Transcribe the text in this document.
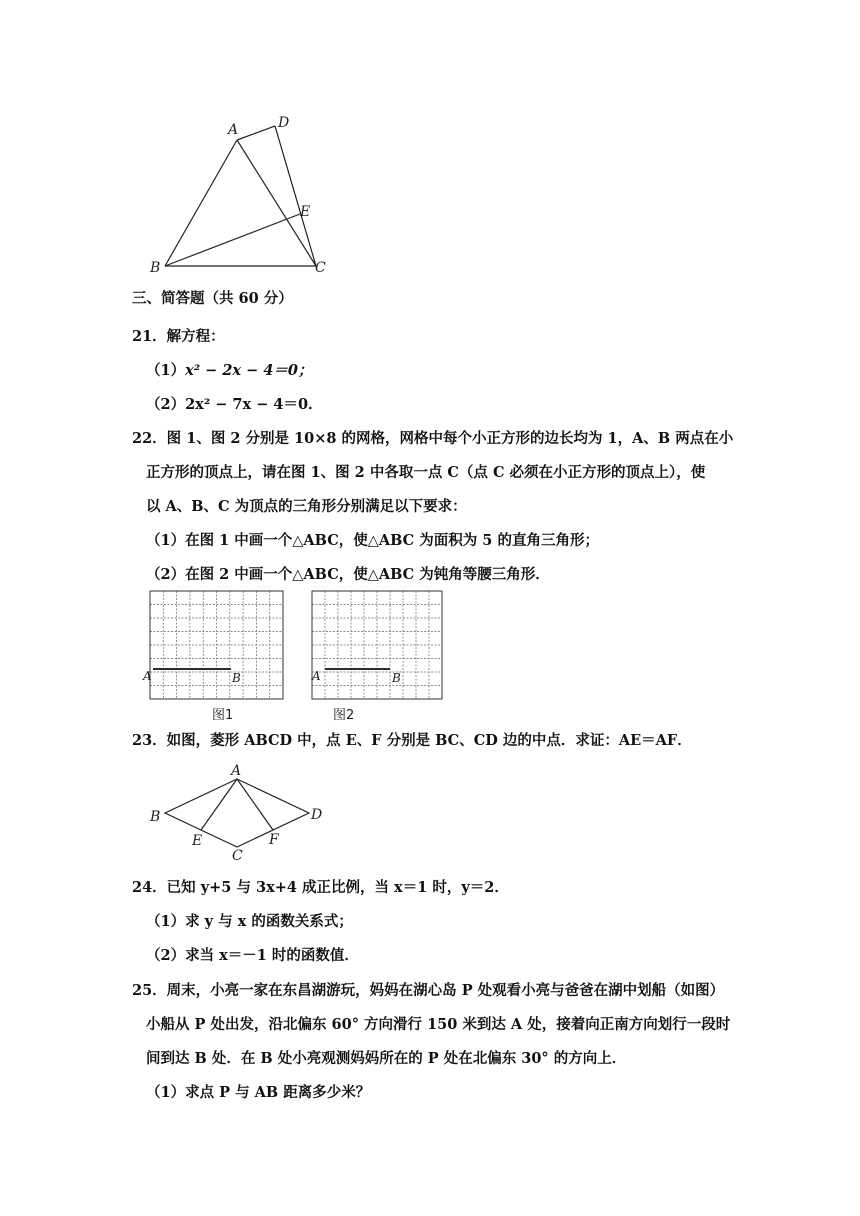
A	D
E
B	C
三、简答题（共 60 分）
21．解方程：
（1）x² − 2x − 4＝0；
（2）2x² − 7x − 4＝0．
22．图 1、图 2 分别是 10×8 的网格，网格中每个小正方形的边长均为 1，A、B 两点在小
正方形的顶点上，请在图 1、图 2 中各取一点 C（点 C 必须在小正方形的顶点上），使
以 A、B、C 为顶点的三角形分别满足以下要求：
（1）在图 1 中画一个△ABC，使△ABC 为面积为 5 的直角三角形；
（2）在图 2 中画一个△ABC，使△ABC 为钝角等腰三角形．
A	B	A	B
图1	图2
23．如图，菱形 ABCD 中，点 E、F 分别是 BC、CD 边的中点．求证：AE＝AF．
A
B	D
E	F
C
24．已知 y+5 与 3x+4 成正比例，当 x＝1 时，y＝2．
（1）求 y 与 x 的函数关系式；
（2）求当 x＝－1 时的函数值．
25．周末，小亮一家在东昌湖游玩，妈妈在湖心岛 P 处观看小亮与爸爸在湖中划船（如图）
小船从 P 处出发，沿北偏东 60° 方向滑行 150 米到达 A 处，接着向正南方向划行一段时
间到达 B 处．在 B 处小亮观测妈妈所在的 P 处在北偏东 30° 的方向上．
（1）求点 P 与 AB 距离多少米？
